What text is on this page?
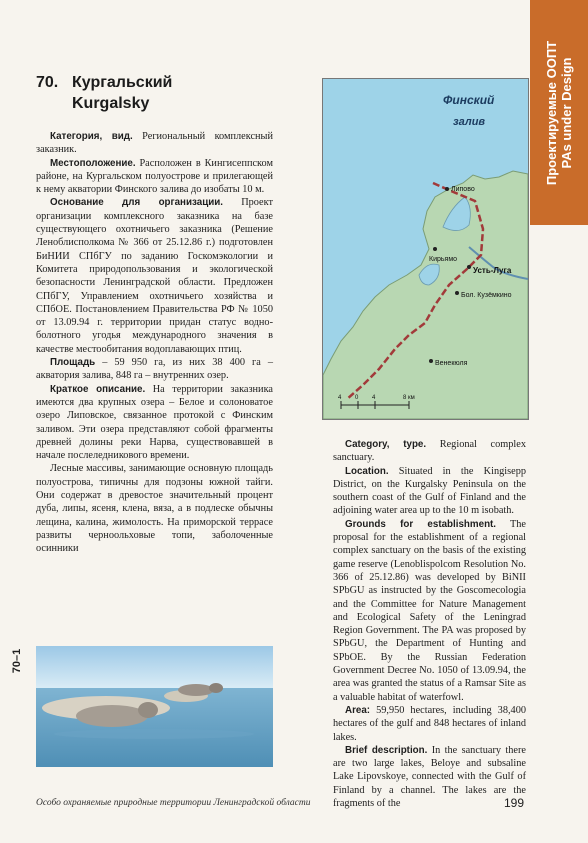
Проектируемые ООПТ PAs under Design
70. Кургальский
Kurgalsky

Категория, вид. Региональный комплексный заказник.

Местоположение. Расположен в Кингисеппском районе, на Кургальском полуострове и прилегающей к нему акватории Финского залива до изобаты 10 м.

Основание для организации. Проект организации комплексного заказника на базе существующего охотничьего заказника (Решение Леноблисполкома № 366 от 25.12.86 г.) подготовлен БиНИИ СПбГУ по заданию Госкомэкологии и Комитета природопользования и экологической безопасности Ленинградской области. Предложен СПбГУ, Управлением охотничьего хозяйства и СПбОЕ. Постановлением Правительства РФ № 1050 от 13.09.94 г. территории придан статус водно-болотного угодья международного значения в качестве местообитания водоплавающих птиц.

Площадь – 59 950 га, из них 38 400 га – акватория залива, 848 га – внутренних озер.

Краткое описание. На территории заказника имеются два крупных озера – Белое и солоноватое озеро Липовское, связанное протокой с Финским заливом. Эти озера представляют собой фрагменты древней долины реки Нарва, существовавшей в начале послеледникового времени.

Лесные массивы, занимающие основную площадь полуострова, типичны для подзоны южной тайги. Они содержат в древостое значительный процент дуба, липы, ясеня, клена, вяза, а в подлеске обычны лещина, калина, жимолость. На приморской террасе развиты черноольховые топи, заболоченные осинники

Финский
залив
Липово
Кирьямо
Усть-Луга
Бол. Кузёмкино
Венекюля
4 0 4	8 км

Category, type. Regional complex sanctuary.

Location. Situated in the Kingisepp District, on the Kurgalsky Peninsula on the southern coast of the Gulf of Finland and the adjoining water area up to the 10 m isobath.

Grounds for establishment. The proposal for the establishment of a regional complex sanctuary on the basis of the existing game reserve (Lenoblispolcom Resolution No. 366 of 25.12.86) was developed by BiNII SPbGU as instructed by the Goscomecologia and the Committee for Nature Management and Ecological Safety of the Leningrad Region Government. The PA was proposed by SPbGU, the Department of Hunting and SPbOE. By the Russian Federation Government Decree No. 1050 of 13.09.94, the area was granted the status of a Ramsar Site as a valuable habitat of waterfowl.

Area: 59,950 hectares, including 38,400 hectares of the gulf and 848 hectares of inland lakes.

Brief description. In the sanctuary there are two large lakes, Beloye and subsaline Lake Lipovskoye, connected with the Gulf of Finland by a channel. The lakes are the fragments of the

70–1
Особо охраняемые природные территории Ленинградской области	199
